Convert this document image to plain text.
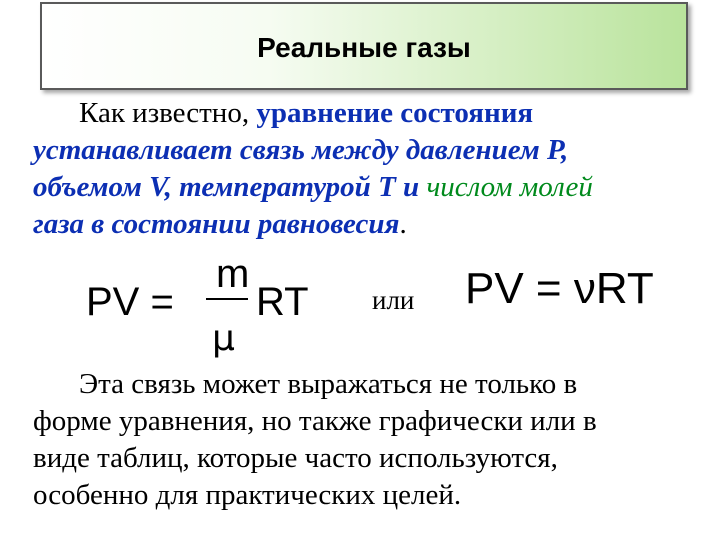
Реальные газы

Как известно, уравнение состояния
устанавливает связь между давлением P,
объемом V, температурой T и числом молей
газа в состоянии равновесия.

PV =
m
μ
RT или PV = νRT

Эта связь может выражаться не только в
форме уравнения, но также графически или в
виде таблиц, которые часто используются,
особенно для практических целей.
